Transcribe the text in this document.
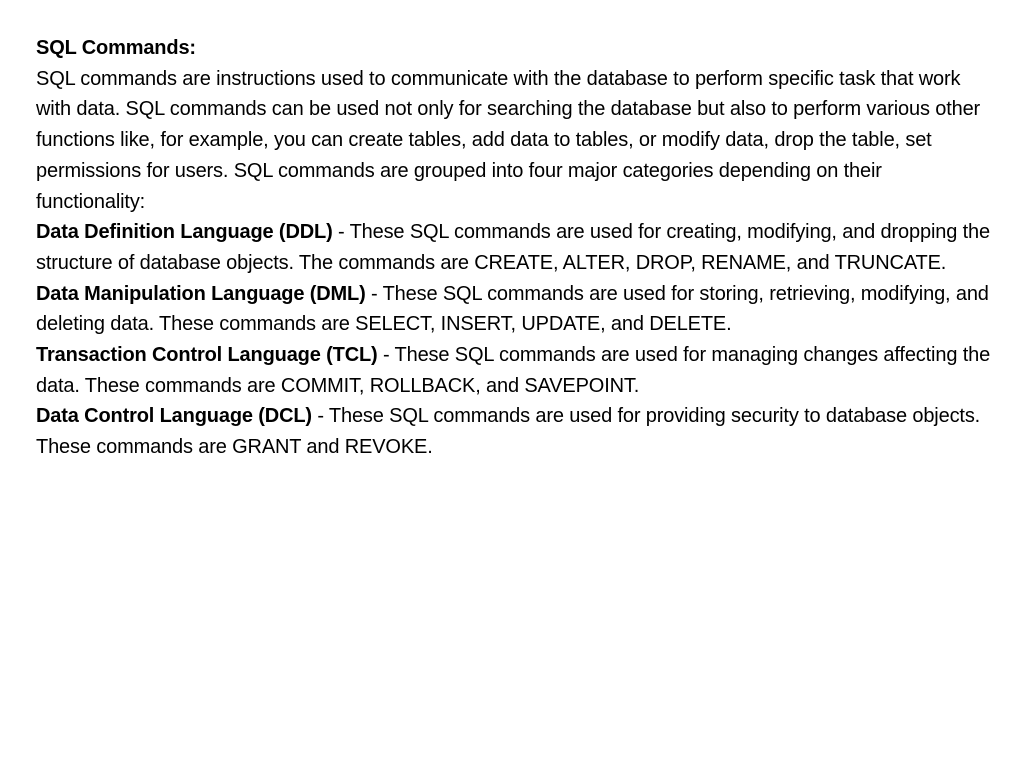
SQL Commands:

SQL commands are instructions used to communicate with the database to perform specific task that work with data. SQL commands can be used not only for searching the database but also to perform various other functions like, for example, you can create tables, add data to tables, or modify data, drop the table, set permissions for users. SQL commands are grouped into four major categories depending on their functionality:

Data Definition Language (DDL) - These SQL commands are used for creating, modifying, and dropping the structure of database objects. The commands are CREATE, ALTER, DROP, RENAME, and TRUNCATE.

Data Manipulation Language (DML) - These SQL commands are used for storing, retrieving, modifying, and deleting data. These commands are SELECT, INSERT, UPDATE, and DELETE.

Transaction Control Language (TCL) - These SQL commands are used for managing changes affecting the data. These commands are COMMIT, ROLLBACK, and SAVEPOINT.

Data Control Language (DCL) - These SQL commands are used for providing security to database objects. These commands are GRANT and REVOKE.
